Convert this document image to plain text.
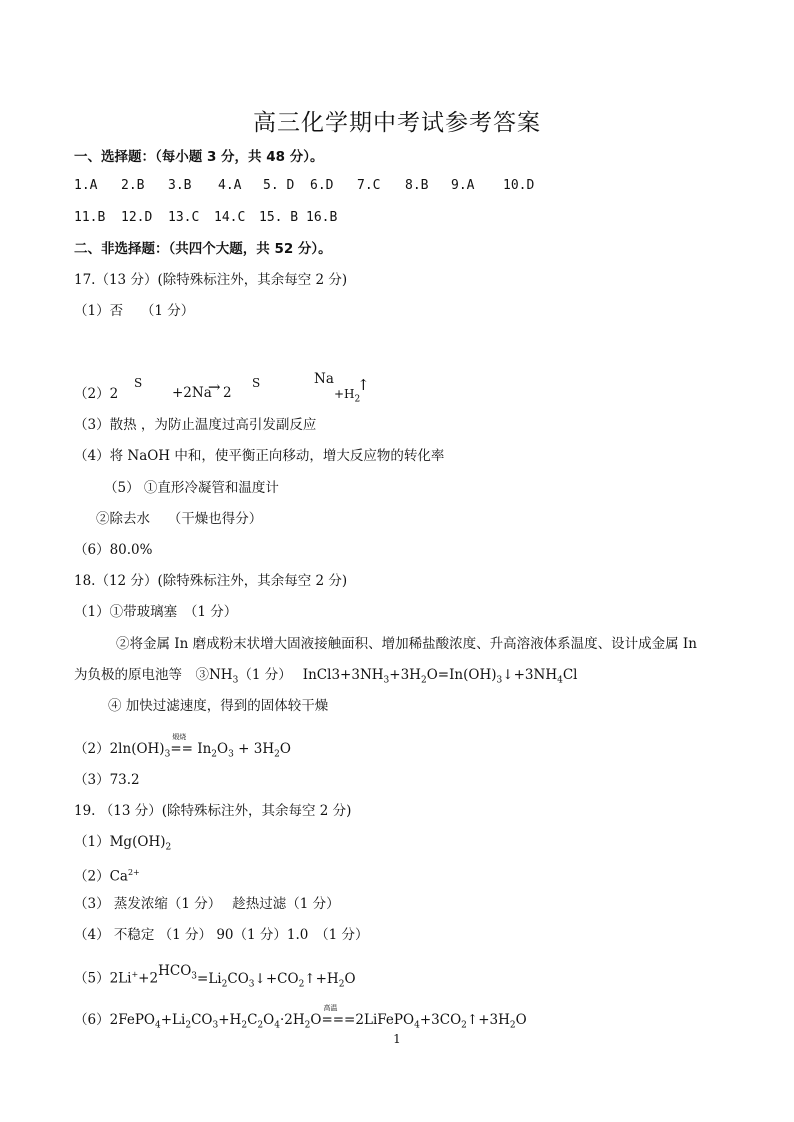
高三化学期中考试参考答案
一、选择题：（每小题 3 分，共 48 分）。
1.A 2.B 3.B 4.A 5. D 6.D 7.C 8.B 9.A 10.D
11.B 12.D 13.C 14.C 15. B 16.B
二、非选择题：（共四个大题，共 52 分）。
17.（13 分）(除特殊标注外，其余每空 2 分)
（1）否　 （1 分）
（2）2
S
+2Na
→ 2
S	Na
$+H_2$
↑
（3）散热 ，为防止温度过高引发副反应
（4）将 NaOH 中和，使平衡正向移动，增大反应物的转化率
（5） ①直形冷凝管和温度计
②除去水　 （干燥也得分）
（6）80.0%
18.（12 分）(除特殊标注外，其余每空 2 分)
（1）①带玻璃塞　（1 分）
②将金属 In 磨成粉末状增大固液接触面积、增加稀盐酸浓度、升高溶液体系温度、设计成金属 In
为负极的原电池等　$③NH_3(1$ 分）　 $InCl3+3NH_3+3H_2O=In(OH)_3↓+3NH_4Cl$
④ 加快过滤速度，得到的固体较干燥
$(2)2\ln(OH)_3$
煅烧
== $In_2O_3 + 3H_2O$
（3）73.2
19. （13 分）(除特殊标注外，其余每空 2 分)
$(1)Mg(OH)_2$
$(2)Ca^{2+}$
（3） 蒸发浓缩（1 分）　 趁热过滤（1 分）
（4） 不稳定 （1 分） 90（1 分）1.0　（1 分）
$(5)2Li^++2HCO_3=Li_2CO_3↓+CO_2↑+H_2O$
$(6)2FePO_4+Li_2CO_3+H_2C_2O_4\cdot 2H_2O$
高温
$===2LiFePO_4+3CO_2↑+3H_2O$
1
